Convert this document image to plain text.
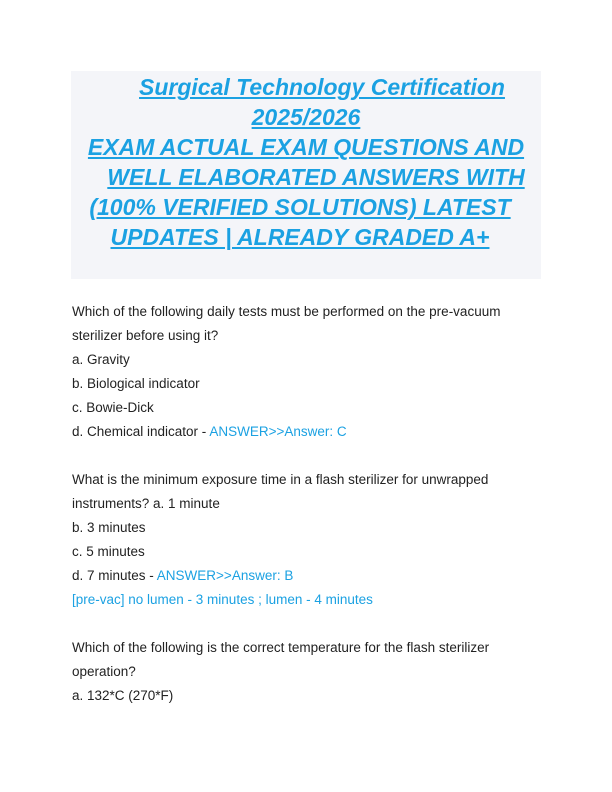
Surgical Technology Certification

2025/2026

EXAM ACTUAL EXAM QUESTIONS AND

WELL ELABORATED ANSWERS WITH

(100% VERIFIED SOLUTIONS) LATEST

UPDATES | ALREADY GRADED A+

Which of the following daily tests must be performed on the pre-vacuum

sterilizer before using it?

a. Gravity

b. Biological indicator

c. Bowie-Dick

d. Chemical indicator - ANSWER>>Answer: C

What is the minimum exposure time in a flash sterilizer for unwrapped

instruments? a. 1 minute

b. 3 minutes

c. 5 minutes

d. 7 minutes - ANSWER>>Answer: B

[pre-vac] no lumen - 3 minutes ; lumen - 4 minutes

Which of the following is the correct temperature for the flash sterilizer

operation?

a. 132*C (270*F)
